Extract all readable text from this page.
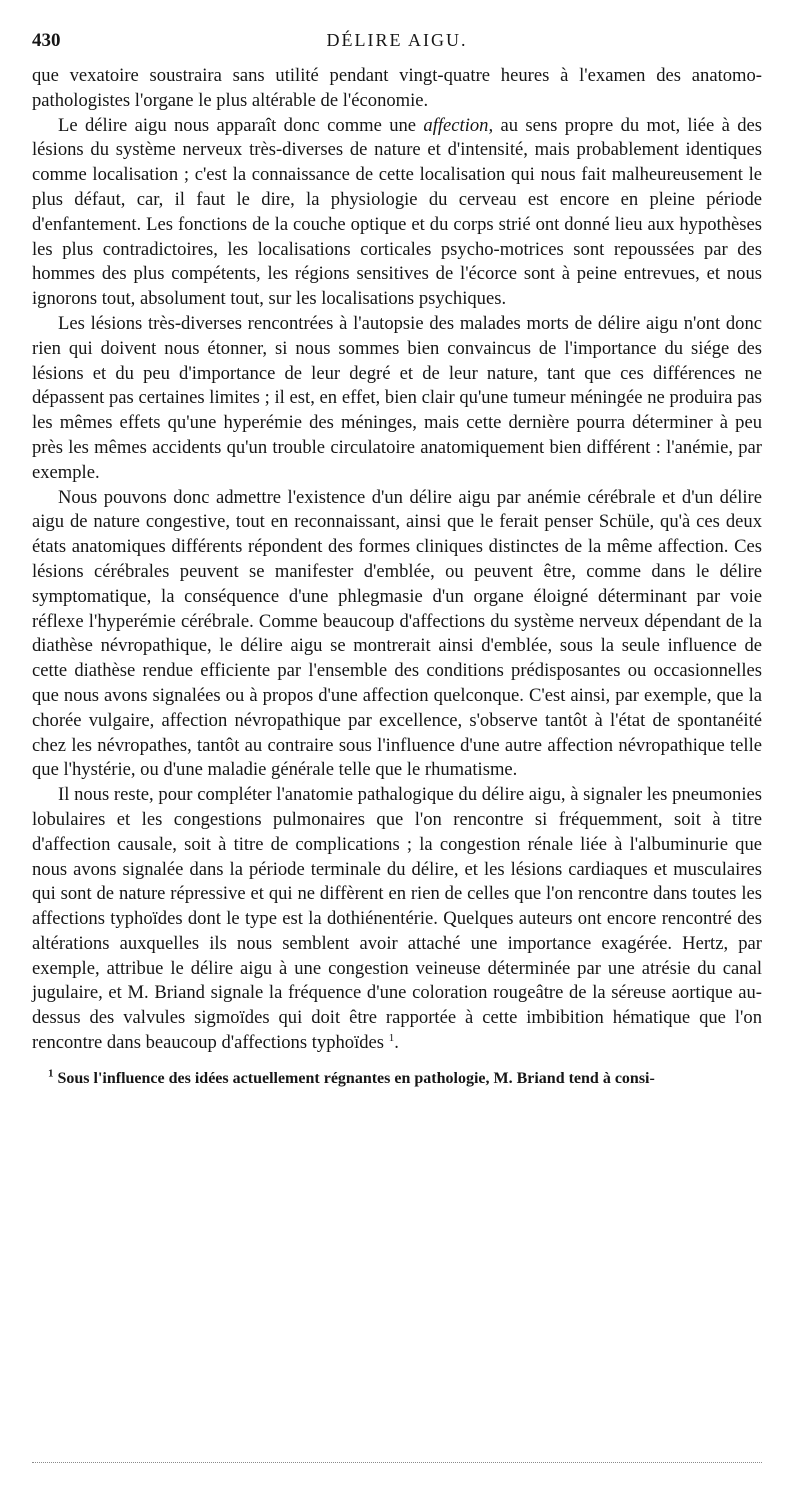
430	DÉLIRE AIGU.

que vexatoire soustraira sans utilité pendant vingt-quatre heures à l'examen des anatomo-pathologistes l'organe le plus altérable de l'économie.

Le délire aigu nous apparaît donc comme une affection, au sens propre du mot, liée à des lésions du système nerveux très-diverses de nature et d'intensité, mais probablement identiques comme localisation ; c'est la connaissance de cette localisation qui nous fait malheureusement le plus défaut, car, il faut le dire, la physiologie du cerveau est encore en pleine période d'enfantement. Les fonctions de la couche optique et du corps strié ont donné lieu aux hypothèses les plus contradictoires, les localisations corticales psycho-motrices sont repoussées par des hommes des plus compétents, les régions sensitives de l'écorce sont à peine entrevues, et nous ignorons tout, absolument tout, sur les localisations psychiques.

Les lésions très-diverses rencontrées à l'autopsie des malades morts de délire aigu n'ont donc rien qui doivent nous étonner, si nous sommes bien convaincus de l'importance du siége des lésions et du peu d'importance de leur degré et de leur nature, tant que ces différences ne dépassent pas certaines limites ; il est, en effet, bien clair qu'une tumeur méningée ne produira pas les mêmes effets qu'une hyperémie des méninges, mais cette dernière pourra déterminer à peu près les mêmes accidents qu'un trouble circulatoire anatomiquement bien différent : l'anémie, par exemple.

Nous pouvons donc admettre l'existence d'un délire aigu par anémie cérébrale et d'un délire aigu de nature congestive, tout en reconnaissant, ainsi que le ferait penser Schüle, qu'à ces deux états anatomiques différents répondent des formes cliniques distinctes de la même affection. Ces lésions cérébrales peuvent se manifester d'emblée, ou peuvent être, comme dans le délire symptomatique, la conséquence d'une phlegmasie d'un organe éloigné déterminant par voie réflexe l'hyperémie cérébrale. Comme beaucoup d'affections du système nerveux dépendant de la diathèse névropathique, le délire aigu se montrerait ainsi d'emblée, sous la seule influence de cette diathèse rendue efficiente par l'ensemble des conditions prédisposantes ou occasionnelles que nous avons signalées ou à propos d'une affection quelconque. C'est ainsi, par exemple, que la chorée vulgaire, affection névropathique par excellence, s'observe tantôt à l'état de spontanéité chez les névropathes, tantôt au contraire sous l'influence d'une autre affection névropathique telle que l'hystérie, ou d'une maladie générale telle que le rhumatisme.

Il nous reste, pour compléter l'anatomie pathalogique du délire aigu, à signaler les pneumonies lobulaires et les congestions pulmonaires que l'on rencontre si fréquemment, soit à titre d'affection causale, soit à titre de complications ; la congestion rénale liée à l'albuminurie que nous avons signalée dans la période terminale du délire, et les lésions cardiaques et musculaires qui sont de nature répressive et qui ne diffèrent en rien de celles que l'on rencontre dans toutes les affections typhoïdes dont le type est la dothiénentérie. Quelques auteurs ont encore rencontré des altérations auxquelles ils nous semblent avoir attaché une importance exagérée. Hertz, par exemple, attribue le délire aigu à une congestion veineuse déterminée par une atrésie du canal jugulaire, et M. Briand signale la fréquence d'une coloration rougeâtre de la séreuse aortique au-dessus des valvules sigmoïdes qui doit être rapportée à cette imbibition hématique que l'on rencontre dans beaucoup d'affections typhoïdes $^1$.

$^1$ Sous l'influence des idées actuellement régnantes en pathologie, M. Briand tend à consi-
